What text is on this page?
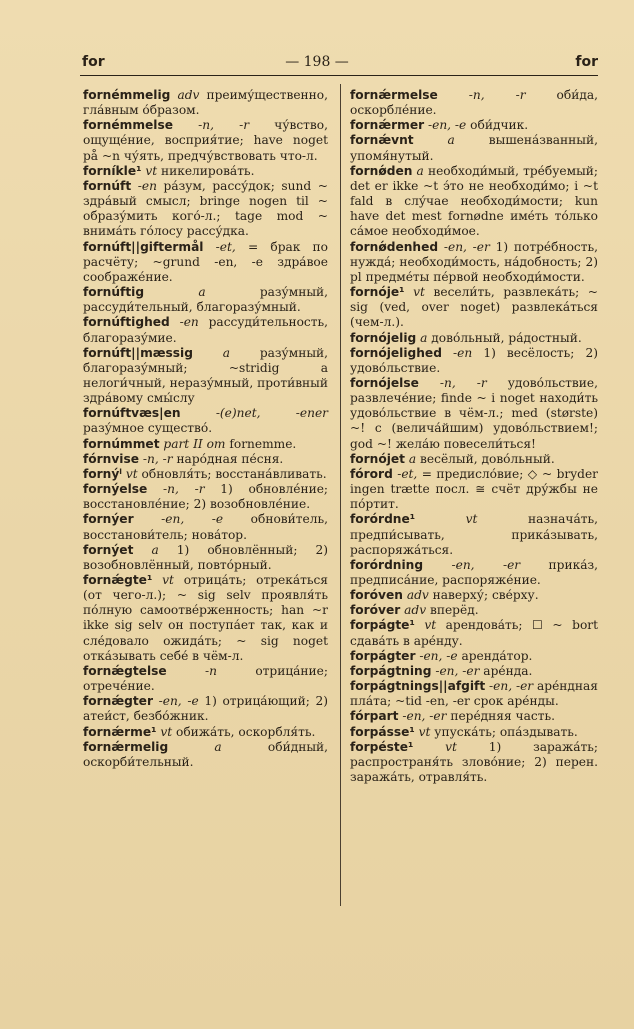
for	— 198 —	for

fornémmelig adv преиму́щественно, гла́вным о́бразом.

fornémmelse -n, -r чу́вство, ощуще́ние, восприя́тие; have noget på ~n чу́ять, предчу́вствовать что-л.

forníkle¹ vt никелирова́ть.

fornúft -en ра́зум, рассу́док; sund ~ здра́вый смысл; bringe nogen til ~ образу́мить кого́-л.; tage mod ~ внима́ть го́лосу рассу́дка.

fornúft||giftermål -et, = брак по расчёту; ~grund -en, -e здра́вое соображе́ние.

fornúftig	a	разу́мный, рассуди́тельный, благоразу́мный.

fornúftighed -en рассуди́тельность, благоразу́мие.

fornúft||mæssig a разу́мный, благоразу́мный; ~stridig a нелоги́чный, неразу́мный, проти́вный здра́вому смы́слу

fornúftvæs|en	-(e)net, -ener разу́мное существо́.

fornúmmet part II om fornemme.

fórnvise -n, -r наро́дная пе́сня.

fornýˡ vt обновля́ть; восстана́вливать.

fornýelse -n, -r 1) обновле́ние; восстановле́ние; 2) возобновле́ние.

fornýer -en, -e обнови́тель, восстанови́тель; нова́тор.

fornýet a 1) обновлённый; 2) возобновлённый, повто́рный.

fornǽgte¹ vt отрица́ть; отрека́ться (от чего-л.); ~ sig selv проявля́ть по́лную самоотве́рженность; han ~r ikke sig selv он поступа́ет так, как и сле́довало ожида́ть; ~ sig noget отка́зывать себе́ в чём-л.

fornǽgtelse	-n	отрица́ние; отрече́ние.

fornǽgter -en, -e 1) отрица́ющий; 2) атеи́ст, безбо́жник.

fornǽrme¹ vt обижа́ть, оскорбля́ть.

fornǽrmelig	a	оби́дный, оскорби́тельный.

fornǽrmelse	-n, -r	оби́да, оскорбле́ние.

fornǽrmer -en, -e оби́дчик.

fornǽvnt	a	вышена́званный, упомя́нутый.

fornǿden a необходи́мый, тре́буемый; det er ikke ~t э́то не необходи́мо; i ~t fald в слу́чае необходи́мости; kun have det mest fornødne име́ть то́лько са́мое необходи́мое.

fornǿdenhed -en, -er 1) потре́бность, нужда́; необходи́мость, на́добность; 2) pl предме́ты пе́рвой необходи́мости.

fornóje¹ vt весели́ть, развлека́ть; ~ sig (ved, over noget) развлека́ться (чем-л.).

fornójelig a дово́льный, ра́достный.

fornójelighed -en 1) весёлость; 2) удово́льствие.

fornójelse -n, -r удово́льствие, развлече́ние; finde ~ i noget находи́ть удово́льствие в чём-л.; med (største) ~! с (велича́йшим) удово́льствием!; god ~! жела́ю повесели́ться!

fornójet a весёлый, дово́льный.

fórord -et, = предисло́вие; ◇ ~ bryder ingen trætte посл. ≅ счёт дру́жбы не по́ртит.

forórdne¹	vt	назнача́ть, предпи́сывать, прика́зывать, распоряжа́ться.

forórdning -en, -er прика́з, предписа́ние, распоряже́ние.

foróven adv наверху́; све́рху.

foróver adv вперёд.

forpágte¹ vt арендова́ть; ☐ ~ bort сдава́ть в аре́нду.

forpágter -en, -e аренда́тор.

forpágtning -en, -er аре́нда.

forpágtnings||afgift -en, -er аре́ндная пла́та; ~tid -en, -er срок аре́нды.

fórpart -en, -er пере́дняя часть.

forpásse¹ vt упуска́ть; опа́здывать.

forpéste¹	vt	1) заража́ть; распространя́ть злово́ние; 2) перен. заража́ть, отравля́ть.
